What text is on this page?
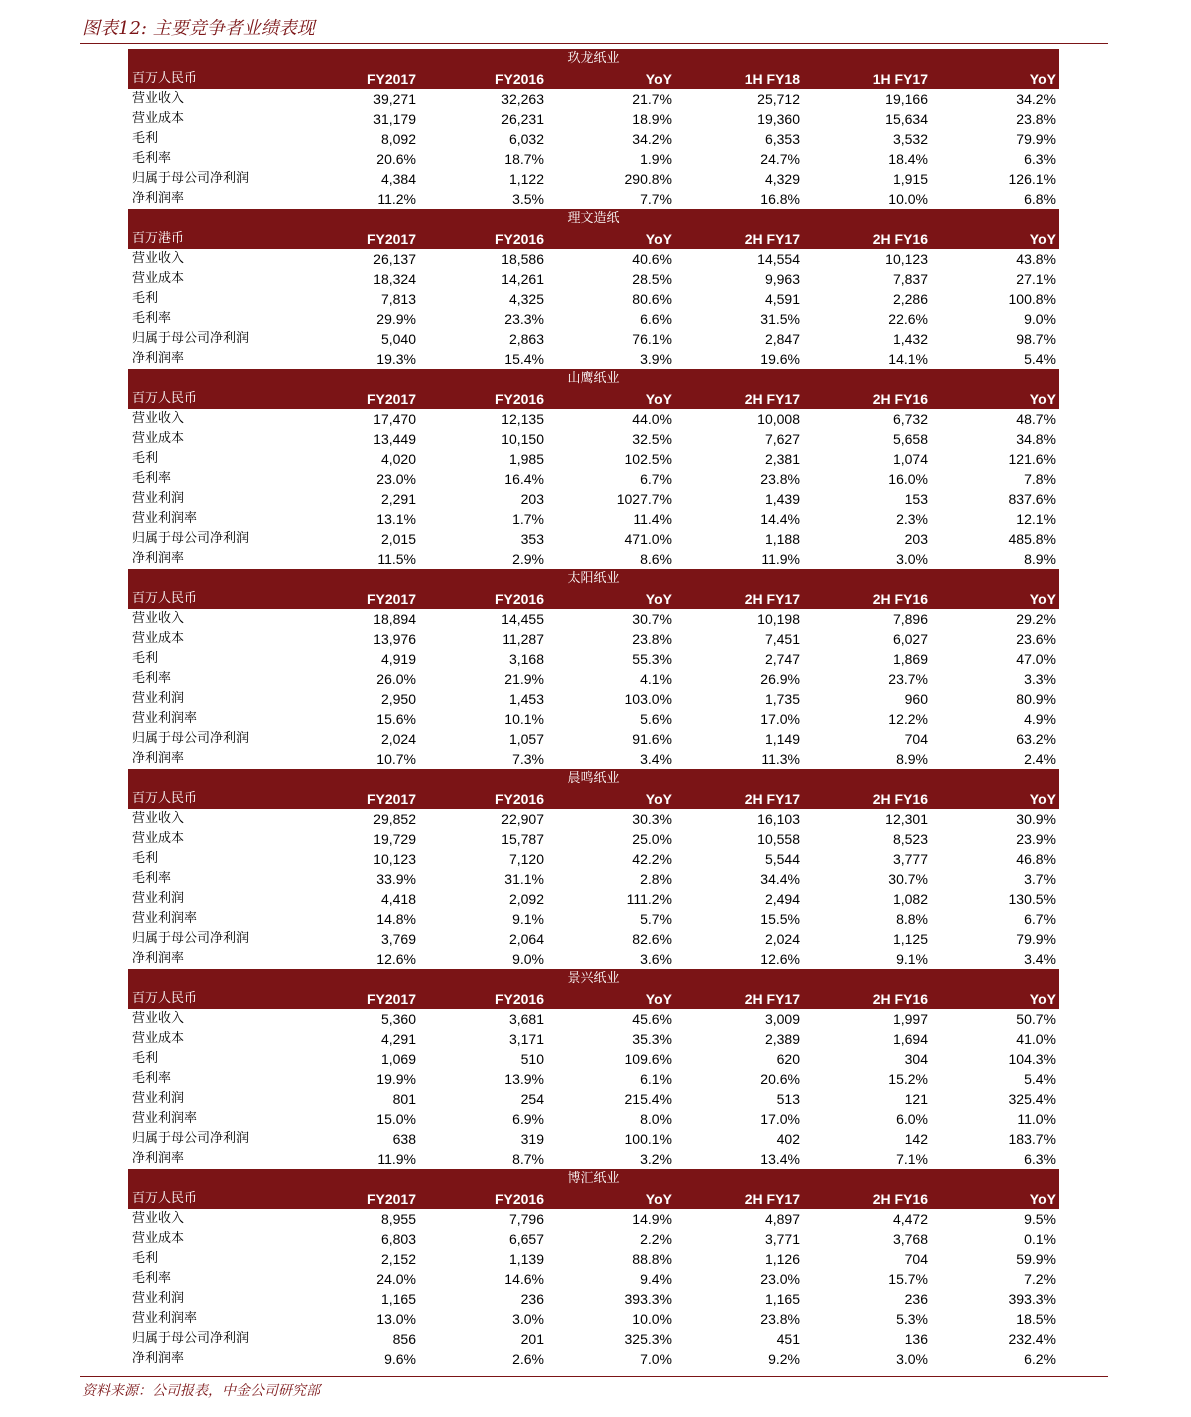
图表12: 主要竞争者业绩表现
玖龙纸业
百万人民币	FY2017	FY2016	YoY	1H FY18	1H FY17	YoY
营业收入	39,271	32,263	21.7%	25,712	19,166	34.2%
营业成本	31,179	26,231	18.9%	19,360	15,634	23.8%
毛利	8,092	6,032	34.2%	6,353	3,532	79.9%
毛利率	20.6%	18.7%	1.9%	24.7%	18.4%	6.3%
归属于母公司净利润	4,384	1,122	290.8%	4,329	1,915	126.1%
净利润率	11.2%	3.5%	7.7%	16.8%	10.0%	6.8%
理文造纸
百万港币	FY2017	FY2016	YoY	2H FY17	2H FY16	YoY
营业收入	26,137	18,586	40.6%	14,554	10,123	43.8%
营业成本	18,324	14,261	28.5%	9,963	7,837	27.1%
毛利	7,813	4,325	80.6%	4,591	2,286	100.8%
毛利率	29.9%	23.3%	6.6%	31.5%	22.6%	9.0%
归属于母公司净利润	5,040	2,863	76.1%	2,847	1,432	98.7%
净利润率	19.3%	15.4%	3.9%	19.6%	14.1%	5.4%
山鹰纸业
百万人民币	FY2017	FY2016	YoY	2H FY17	2H FY16	YoY
营业收入	17,470	12,135	44.0%	10,008	6,732	48.7%
营业成本	13,449	10,150	32.5%	7,627	5,658	34.8%
毛利	4,020	1,985	102.5%	2,381	1,074	121.6%
毛利率	23.0%	16.4%	6.7%	23.8%	16.0%	7.8%
营业利润	2,291	203	1027.7%	1,439	153	837.6%
营业利润率	13.1%	1.7%	11.4%	14.4%	2.3%	12.1%
归属于母公司净利润	2,015	353	471.0%	1,188	203	485.8%
净利润率	11.5%	2.9%	8.6%	11.9%	3.0%	8.9%
太阳纸业
百万人民币	FY2017	FY2016	YoY	2H FY17	2H FY16	YoY
营业收入	18,894	14,455	30.7%	10,198	7,896	29.2%
营业成本	13,976	11,287	23.8%	7,451	6,027	23.6%
毛利	4,919	3,168	55.3%	2,747	1,869	47.0%
毛利率	26.0%	21.9%	4.1%	26.9%	23.7%	3.3%
营业利润	2,950	1,453	103.0%	1,735	960	80.9%
营业利润率	15.6%	10.1%	5.6%	17.0%	12.2%	4.9%
归属于母公司净利润	2,024	1,057	91.6%	1,149	704	63.2%
净利润率	10.7%	7.3%	3.4%	11.3%	8.9%	2.4%
晨鸣纸业
百万人民币	FY2017	FY2016	YoY	2H FY17	2H FY16	YoY
营业收入	29,852	22,907	30.3%	16,103	12,301	30.9%
营业成本	19,729	15,787	25.0%	10,558	8,523	23.9%
毛利	10,123	7,120	42.2%	5,544	3,777	46.8%
毛利率	33.9%	31.1%	2.8%	34.4%	30.7%	3.7%
营业利润	4,418	2,092	111.2%	2,494	1,082	130.5%
营业利润率	14.8%	9.1%	5.7%	15.5%	8.8%	6.7%
归属于母公司净利润	3,769	2,064	82.6%	2,024	1,125	79.9%
净利润率	12.6%	9.0%	3.6%	12.6%	9.1%	3.4%
景兴纸业
百万人民币	FY2017	FY2016	YoY	2H FY17	2H FY16	YoY
营业收入	5,360	3,681	45.6%	3,009	1,997	50.7%
营业成本	4,291	3,171	35.3%	2,389	1,694	41.0%
毛利	1,069	510	109.6%	620	304	104.3%
毛利率	19.9%	13.9%	6.1%	20.6%	15.2%	5.4%
营业利润	801	254	215.4%	513	121	325.4%
营业利润率	15.0%	6.9%	8.0%	17.0%	6.0%	11.0%
归属于母公司净利润	638	319	100.1%	402	142	183.7%
净利润率	11.9%	8.7%	3.2%	13.4%	7.1%	6.3%
博汇纸业
百万人民币	FY2017	FY2016	YoY	2H FY17	2H FY16	YoY
营业收入	8,955	7,796	14.9%	4,897	4,472	9.5%
营业成本	6,803	6,657	2.2%	3,771	3,768	0.1%
毛利	2,152	1,139	88.8%	1,126	704	59.9%
毛利率	24.0%	14.6%	9.4%	23.0%	15.7%	7.2%
营业利润	1,165	236	393.3%	1,165	236	393.3%
营业利润率	13.0%	3.0%	10.0%	23.8%	5.3%	18.5%
归属于母公司净利润	856	201	325.3%	451	136	232.4%
净利润率	9.6%	2.6%	7.0%	9.2%	3.0%	6.2%
资料来源：公司报表，中金公司研究部
